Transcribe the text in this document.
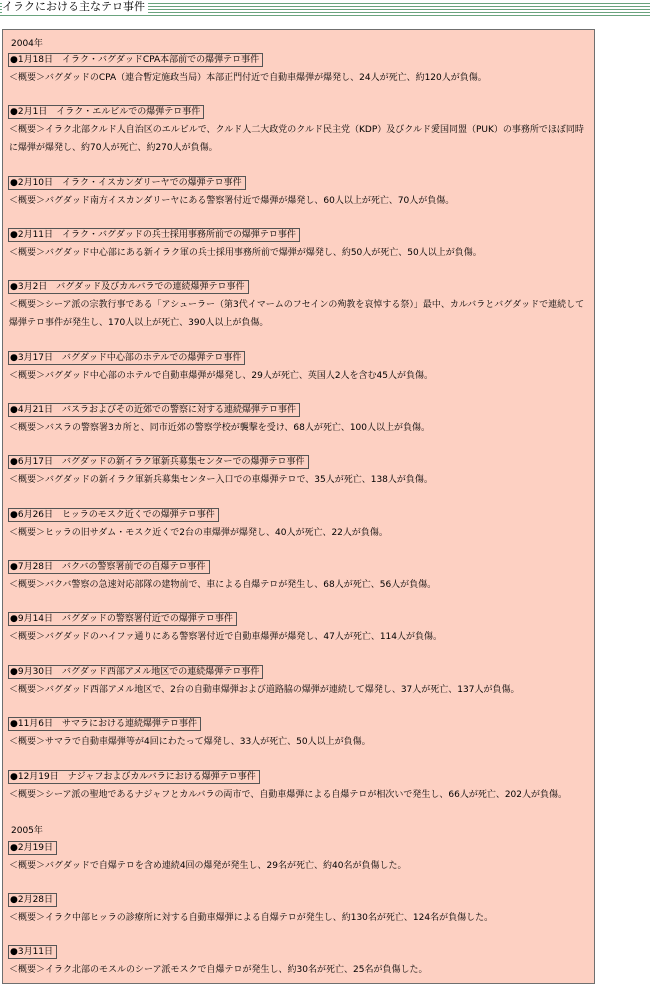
イラクにおける主なテロ事件
2004年
●1月18日　イラク・バグダッドCPA本部前での爆弾テロ事件
＜概要＞バグダッドのCPA（連合暫定施政当局）本部正門付近で自動車爆弾が爆発し、24人が死亡、約120人が負傷。
●2月1日　イラク・エルビルでの爆弾テロ事件
＜概要＞イラク北部クルド人自治区のエルビルで、クルド人二大政党のクルド民主党（KDP）及びクルド愛国同盟（PUK）の事務所でほぼ同時に爆弾が爆発し、約70人が死亡、約270人が負傷。
●2月10日　イラク・イスカンダリーヤでの爆弾テロ事件
＜概要＞バグダッド南方イスカンダリーヤにある警察署付近で爆弾が爆発し、60人以上が死亡、70人が負傷。
●2月11日　イラク・バグダッドの兵士採用事務所前での爆弾テロ事件
＜概要＞バグダッド中心部にある新イラク軍の兵士採用事務所前で爆弾が爆発し、約50人が死亡、50人以上が負傷。
●3月2日　バグダッド及びカルバラでの連続爆弾テロ事件
＜概要＞シーア派の宗教行事である「アシューラー（第3代イマームのフセインの殉教を哀悼する祭）」最中、カルバラとバグダッドで連続して爆弾テロ事件が発生し、170人以上が死亡、390人以上が負傷。
●3月17日　バグダッド中心部のホテルでの爆弾テロ事件
＜概要＞バグダッド中心部のホテルで自動車爆弾が爆発し、29人が死亡、英国人2人を含む45人が負傷。
●4月21日　バスラおよびその近郊での警察に対する連続爆弾テロ事件
＜概要＞バスラの警察署3カ所と、同市近郊の警察学校が襲撃を受け、68人が死亡、100人以上が負傷。
●6月17日　バグダッドの新イラク軍新兵募集センターでの爆弾テロ事件
＜概要＞バグダッドの新イラク軍新兵募集センター入口での車爆弾テロで、35人が死亡、138人が負傷。
●6月26日　ヒッラのモスク近くでの爆弾テロ事件
＜概要＞ヒッラの旧サダム・モスク近くで2台の車爆弾が爆発し、40人が死亡、22人が負傷。
●7月28日　バクバの警察署前での自爆テロ事件
＜概要＞バクバ警察の急速対応部隊の建物前で、車による自爆テロが発生し、68人が死亡、56人が負傷。
●9月14日　バグダッドの警察署付近での爆弾テロ事件
＜概要＞バグダッドのハイファ通りにある警察署付近で自動車爆弾が爆発し、47人が死亡、114人が負傷。
●9月30日　バグダッド西部アメル地区での連続爆弾テロ事件
＜概要＞バグダッド西部アメル地区で、2台の自動車爆弾および道路脇の爆弾が連続して爆発し、37人が死亡、137人が負傷。
●11月6日　サマラにおける連続爆弾テロ事件
＜概要＞サマラで自動車爆弾等が4回にわたって爆発し、33人が死亡、50人以上が負傷。
●12月19日　ナジャフおよびカルバラにおける爆弾テロ事件
＜概要＞シーア派の聖地であるナジャフとカルバラの両市で、自動車爆弾による自爆テロが相次いで発生し、66人が死亡、202人が負傷。
2005年
●2月19日
＜概要＞バグダッドで自爆テロを含め連続4回の爆発が発生し、29名が死亡、約40名が負傷した。
●2月28日
＜概要＞イラク中部ヒッラの診療所に対する自動車爆弾による自爆テロが発生し、約130名が死亡、124名が負傷した。
●3月11日
＜概要＞イラク北部のモスルのシーア派モスクで自爆テロが発生し、約30名が死亡、25名が負傷した。
